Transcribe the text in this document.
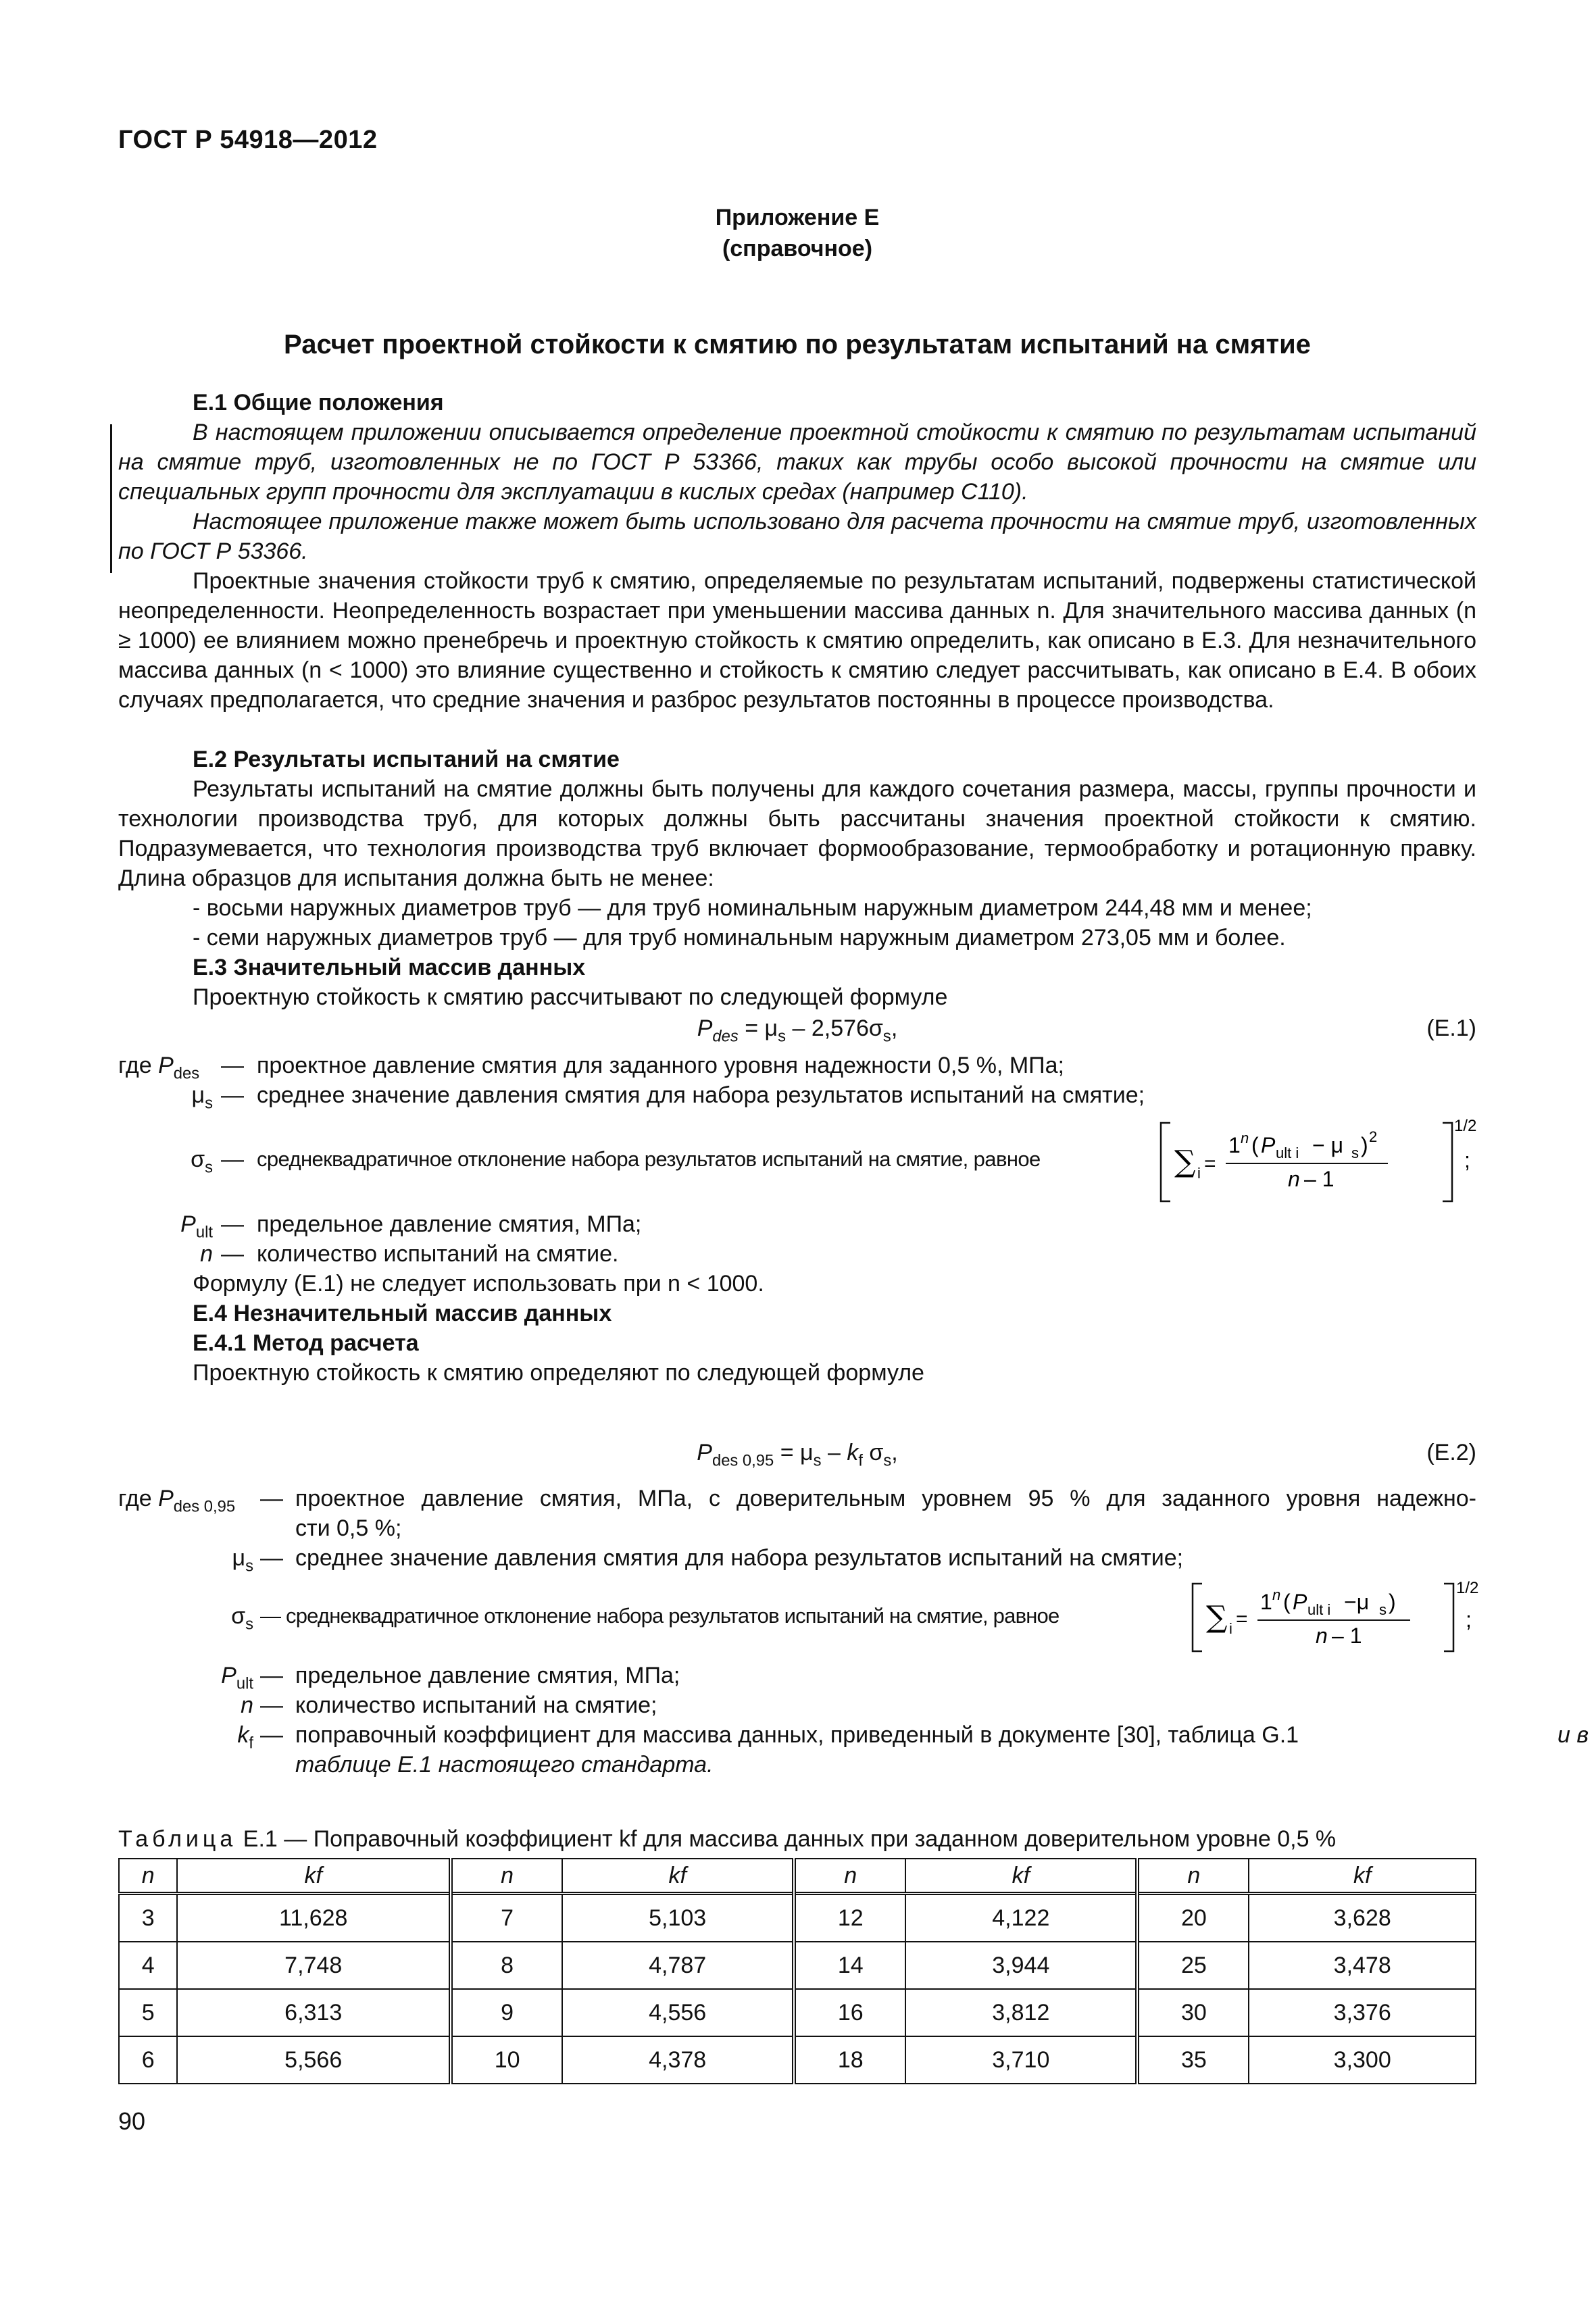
ГОСТ Р 54918—2012
Приложение Е
(справочное)
Расчет проектной стойкости к смятию по результатам испытаний на смятие

Е.1 Общие положения

В настоящем приложении описывается определение проектной стойкости к смятию по результатам испытаний на смятие труб, изготовленных не по ГОСТ Р 53366, таких как трубы особо высокой прочности на смятие или специальных групп прочности для эксплуатации в кислых средах (например С110).

Настоящее приложение также может быть использовано для расчета прочности на смятие труб, изготовленных по ГОСТ Р 53366.

Проектные значения стойкости труб к смятию, определяемые по результатам испытаний, подвержены статистической неопределенности. Неопределенность возрастает при уменьшении массива данных n. Для значительного массива данных (n ≥ 1000) ее влиянием можно пренебречь и проектную стойкость к смятию определить, как описано в Е.3. Для незначительного массива данных (n < 1000) это влияние существенно и стойкость к смятию следует рассчитывать, как описано в Е.4. В обоих случаях предполагается, что средние значения и разброс результатов постоянны в процессе производства.

Е.2 Результаты испытаний на смятие

Результаты испытаний на смятие должны быть получены для каждого сочетания размера, массы, группы прочности и технологии производства труб, для которых должны быть рассчитаны значения проектной стойкости к смятию. Подразумевается, что технология производства труб включает формообразование, термообработку и ротационную правку. Длина образцов для испытания должна быть не менее:

- восьми наружных диаметров труб — для труб номинальным наружным диаметром 244,48 мм и менее;

- семи наружных диаметров труб — для труб номинальным наружным диаметром 273,05 мм и более.

Е.3 Значительный массив данных

Проектную стойкость к смятию рассчитывают по следующей формуле

$P_{des} = \mu_s - 2,576\sigma_s$,	(Е.1)
где $P_{des}$ — проектное давление смятия для заданного уровня надежности 0,5 %, МПа;
$\mu_s$ — среднее значение давления смятия для набора результатов испытаний на смятие;
$\sigma_s$ — среднеквадратичное отклонение набора результатов испытаний на смятие, равное	∑ i =
1 n ( P ult i − μ s ) 2
n – 1
1/2
;
$P_{ult}$ — предельное давление смятия, МПа;
n — количество испытаний на смятие.

Формулу (Е.1) не следует использовать при n < 1000.

Е.4 Незначительный массив данных

Е.4.1 Метод расчета

Проектную стойкость к смятию определяют по следующей формуле

$P_{des 0,95} = \mu_s - k_f$ $\sigma_s$,	(Е.2)
где $P_{des 0,95}$	— проектное давление смятия, МПа, с доверительным уровнем 95 % для заданного уровня надежно-
сти 0,5 %;
$\mu_s$ — среднее значение давления смятия для набора результатов испытаний на смятие;
$\sigma_s$ — среднеквадратичное отклонение набора результатов испытаний на смятие, равное	∑ i =
1 n ( P ult i −μ s )
n – 1
1/2
;
$P_{ult}$ — предельное давление смятия, МПа;
n — количество испытаний на смятие;
$k_f$ — поправочный коэффициент для массива данных, приведенный в документе [30], таблица G.1	и в
таблице Е.1 настоящего стандарта.
Таблица Е.1 — Поправочный коэффициент kf для массива данных при заданном доверительном уровне 0,5 %
n	kf	n	kf	n	kf	n	kf
3	11,628	7	5,103	12	4,122	20	3,628
4	7,748	8	4,787	14	3,944	25	3,478
5	6,313	9	4,556	16	3,812	30	3,376
6	5,566	10	4,378	18	3,710	35	3,300
90
